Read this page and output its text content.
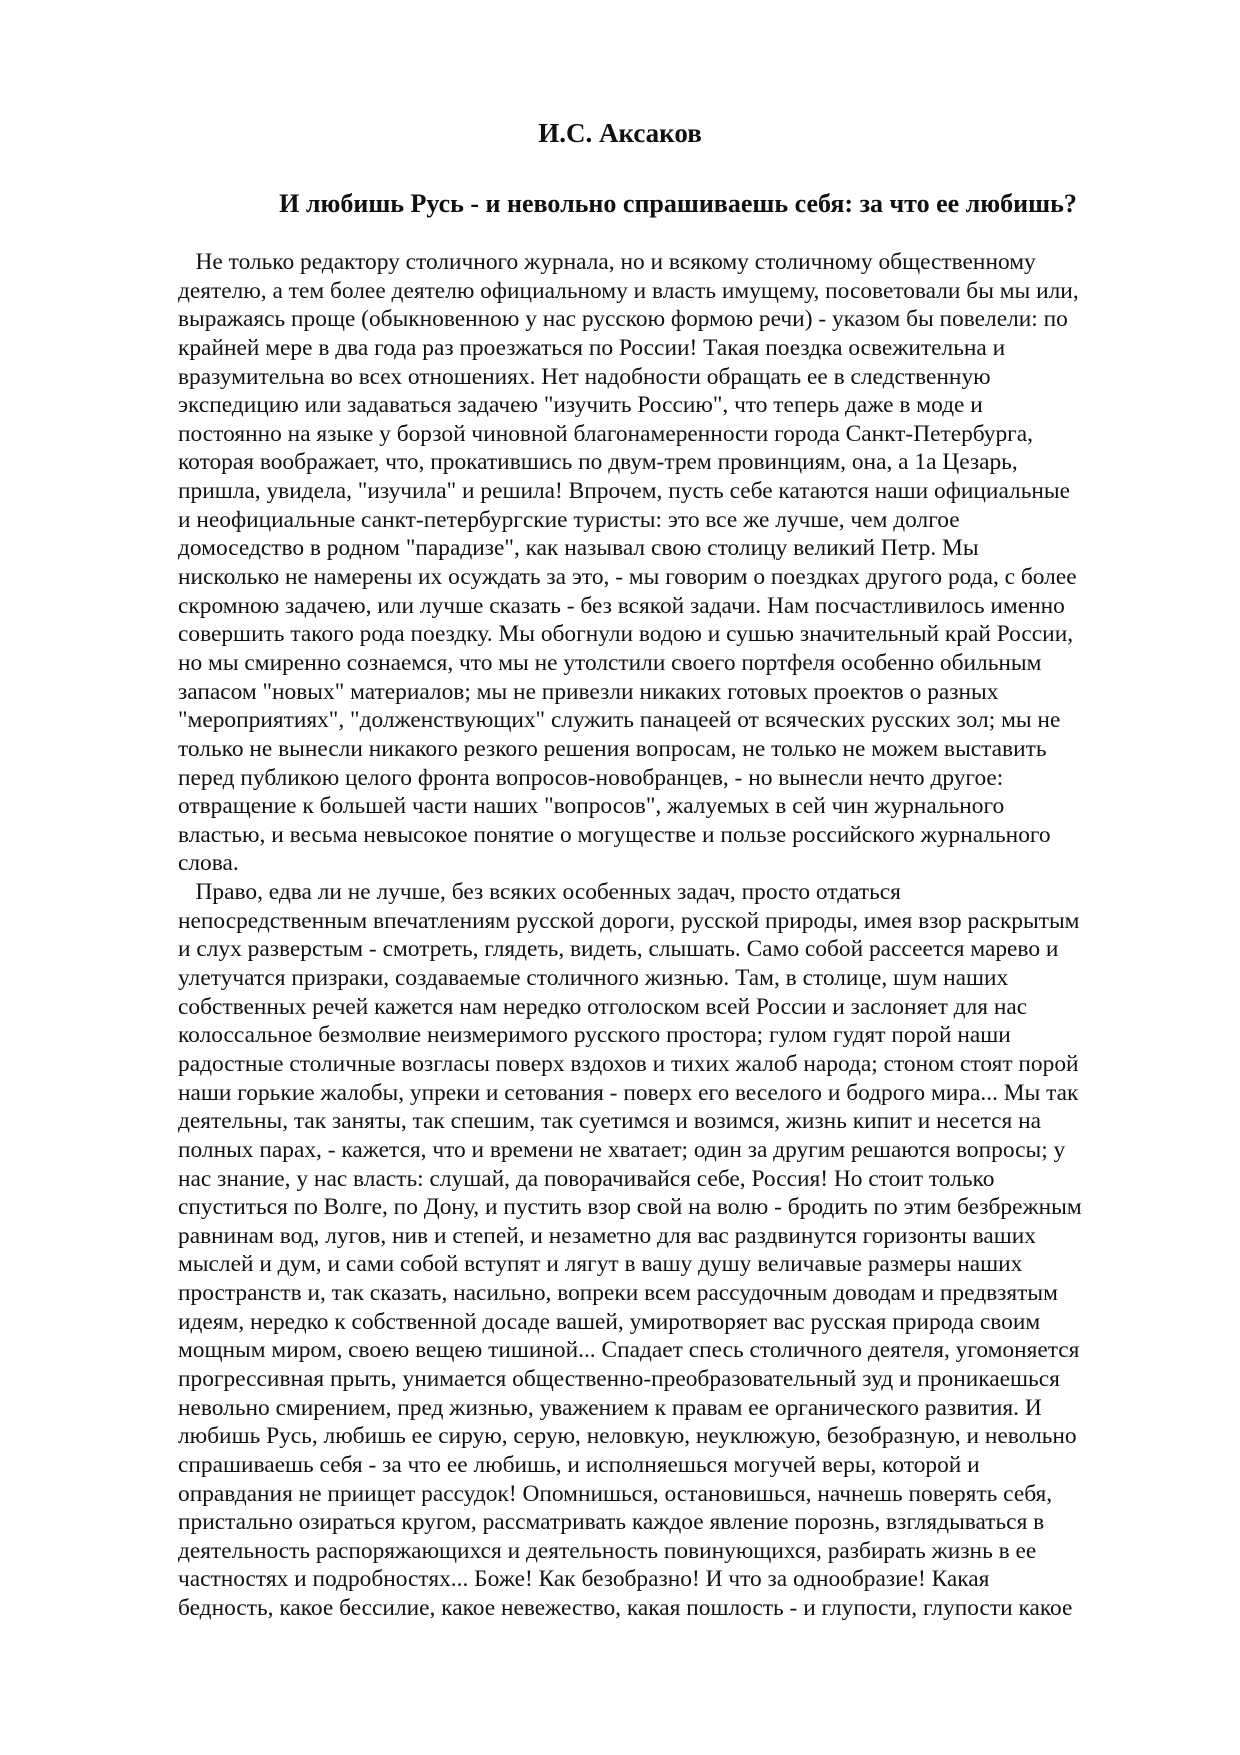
И.С. Аксаков
И любишь Русь - и невольно спрашиваешь себя: за что ее любишь?

Не только редактору столичного журнала, но и всякому столичному общественному
деятелю, а тем более деятелю официальному и власть имущему, посоветовали бы мы или,
выражаясь проще (обыкновенною у нас русскою формою речи) - указом бы повелели: по
крайней мере в два года раз проезжаться по России! Такая поездка освежительна и
вразумительна во всех отношениях. Нет надобности обращать ее в следственную
экспедицию или задаваться задачею "изучить Россию", что теперь даже в моде и
постоянно на языке у борзой чиновной благонамеренности города Санкт-Петербурга,
которая воображает, что, прокатившись по двум-трем провинциям, она, a 1a Цезарь,
пришла, увидела, "изучила" и решила! Впрочем, пусть себе катаются наши официальные
и неофициальные санкт-петербургские туристы: это все же лучше, чем долгое
домоседство в родном "парадизе", как называл свою столицу великий Петр. Мы
нисколько не намерены их осуждать за это, - мы говорим о поездках другого рода, с более
скромною задачею, или лучше сказать - без всякой задачи. Нам посчастливилось именно
совершить такого рода поездку. Мы обогнули водою и сушью значительный край России,
но мы смиренно сознаемся, что мы не утолстили своего портфеля особенно обильным
запасом "новых" материалов; мы не привезли никаких готовых проектов о разных
"мероприятиях", "долженствующих" служить панацеей от всяческих русских зол; мы не
только не вынесли никакого резкого решения вопросам, не только не можем выставить
перед публикою целого фронта вопросов-новобранцев, - но вынесли нечто другое:
отвращение к большей части наших "вопросов", жалуемых в сей чин журнального
властью, и весьма невысокое понятие о могуществе и пользе российского журнального
слова.

Право, едва ли не лучше, без всяких особенных задач, просто отдаться
непосредственным впечатлениям русской дороги, русской природы, имея взор раскрытым
и слух разверстым - смотреть, глядеть, видеть, слышать. Само собой рассеется марево и
улетучатся призраки, создаваемые столичного жизнью. Там, в столице, шум наших
собственных речей кажется нам нередко отголоском всей России и заслоняет для нас
колоссальное безмолвие неизмеримого русского простора; гулом гудят порой наши
радостные столичные возгласы поверх вздохов и тихих жалоб народа; стоном стоят порой
наши горькие жалобы, упреки и сетования - поверх его веселого и бодрого мира... Мы так
деятельны, так заняты, так спешим, так суетимся и возимся, жизнь кипит и несется на
полных парах, - кажется, что и времени не хватает; один за другим решаются вопросы; у
нас знание, у нас власть: слушай, да поворачивайся себе, Россия! Но стоит только
спуститься по Волге, по Дону, и пустить взор свой на волю - бродить по этим безбрежным
равнинам вод, лугов, нив и степей, и незаметно для вас раздвинутся горизонты ваших
мыслей и дум, и сами собой вступят и лягут в вашу душу величавые размеры наших
пространств и, так сказать, насильно, вопреки всем рассудочным доводам и предвзятым
идеям, нередко к собственной досаде вашей, умиротворяет вас русская природа своим
мощным миром, своею вещею тишиной... Спадает спесь столичного деятеля, угомоняется
прогрессивная прыть, унимается общественно-преобразовательный зуд и проникаешься
невольно смирением, пред жизнью, уважением к правам ее органического развития. И
любишь Русь, любишь ее сирую, серую, неловкую, неуклюжую, безобразную, и невольно
спрашиваешь себя - за что ее любишь, и исполняешься могучей веры, которой и
оправдания не приищет рассудок! Опомнишься, остановишься, начнешь поверять себя,
пристально озираться кругом, рассматривать каждое явление порознь, взглядываться в
деятельность распоряжающихся и деятельность повинующихся, разбирать жизнь в ее
частностях и подробностях... Боже! Как безобразно! И что за однообразие! Какая
бедность, какое бессилие, какое невежество, какая пошлость - и глупости, глупости какое
